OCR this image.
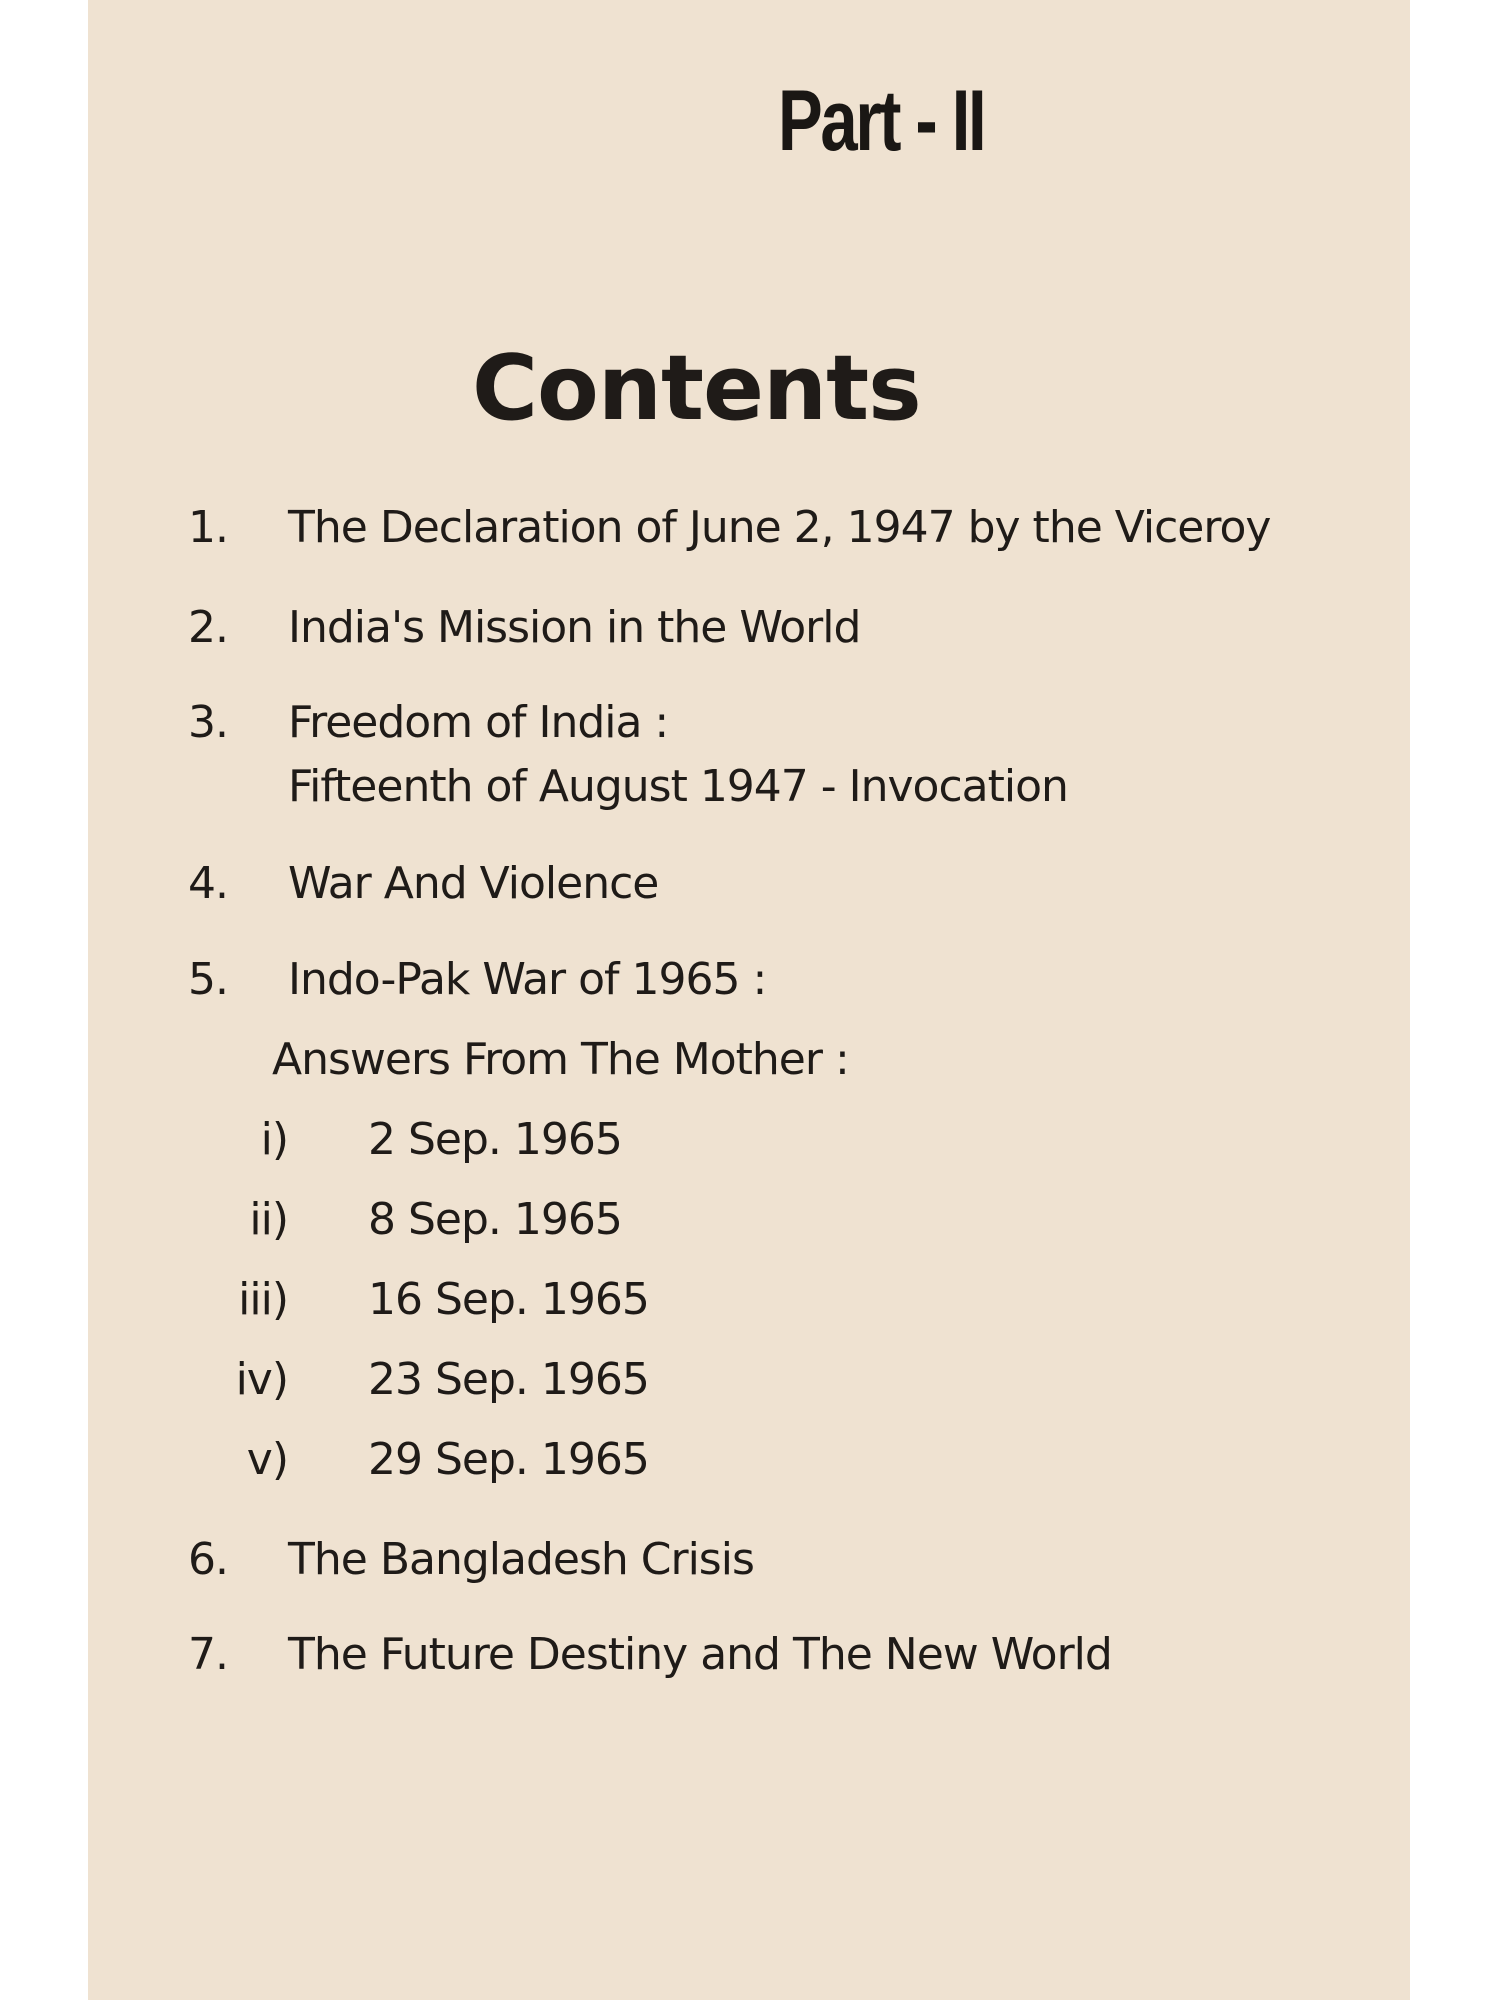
Part - II
Contents
1. The Declaration of June 2, 1947 by the Viceroy
2. India's Mission in the World
3. Freedom of India :
Fifteenth of August 1947 - Invocation
4. War And Violence
5. Indo-Pak War of 1965 :
Answers From The Mother :
i) 2 Sep. 1965
ii) 8 Sep. 1965
iii) 16 Sep. 1965
iv) 23 Sep. 1965
v) 29 Sep. 1965
6. The Bangladesh Crisis
7. The Future Destiny and The New World
